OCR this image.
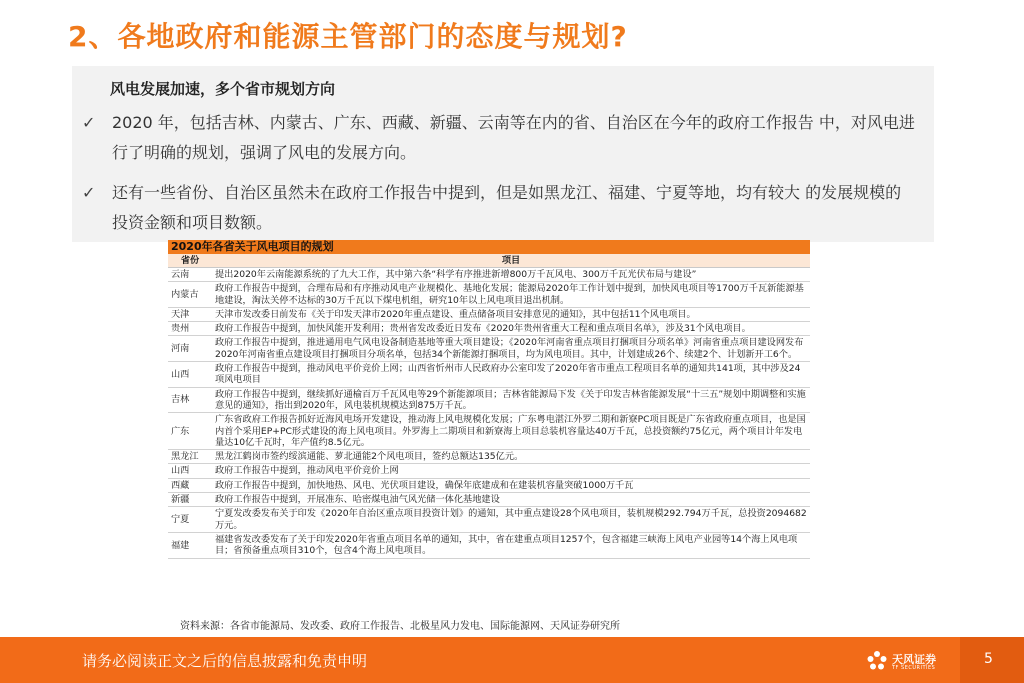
2、各地政府和能源主管部门的态度与规划?
风电发展加速，多个省市规划方向
✓	2020 年，包括吉林、内蒙古、广东、西藏、新疆、云南等在内的省、自治区在今年的政府工作报告 中，对风电进行了明确的规划，强调了风电的发展方向。
✓	还有一些省份、自治区虽然未在政府工作报告中提到，但是如黑龙江、福建、宁夏等地，均有较大 的发展规模的投资金额和项目数额。
2020年各省关于风电项目的规划
省份	项目
云南	提出2020年云南能源系统的了九大工作，其中第六条“科学有序推进新增800万千瓦风电、300万千瓦光伏布局与建设”
内蒙古	政府工作报告中提到，合理布局和有序推动风电产业规模化、基地化发展；能源局2020年工作计划中提到，加快风电项目等1700万千瓦新能源基地建设，淘汰关停不达标的30万千瓦以下煤电机组，研究10年以上风电项目退出机制。
天津	天津市发改委日前发布《关于印发天津市2020年重点建设、重点储备项目安排意见的通知》，其中包括11个风电项目。
贵州	政府工作报告中提到，加快风能开发利用；贵州省发改委近日发布《2020年贵州省重大工程和重点项目名单》，涉及31个风电项目。
河南	政府工作报告中提到，推进通用电气风电设备制造基地等重大项目建设；《2020年河南省重点项目打捆项目分项名单》河南省重点项目建设网发布2020年河南省重点建设项目打捆项目分项名单，包括34个新能源打捆项目，均为风电项目。其中，计划建成26个、续建2个、计划新开工6个。
山西	政府工作报告中提到，推动风电平价竞价上网；山西省忻州市人民政府办公室印发了2020年省市重点工程项目名单的通知共141项，其中涉及24项风电项目
吉林	政府工作报告中提到，继续抓好通榆百万千瓦风电等29个新能源项目；吉林省能源局下发《关于印发吉林省能源发展“十三五”规划中期调整和实施意见的通知》，指出到2020年，风电装机规模达到875万千瓦。
广东	广东省政府工作报告抓好近海风电场开发建设，推动海上风电规模化发展；广东粤电湛江外罗二期和新寮PC项目既是广东省政府重点项目，也是国内首个采用EP+PC形式建设的海上风电项目。外罗海上二期项目和新寮海上项目总装机容量达40万千瓦，总投资额约75亿元，两个项目计年发电量达10亿千瓦时，年产值约8.5亿元。
黑龙江	黑龙江鹤岗市签约绥滨通能、萝北通能2个风电项目，签约总额达135亿元。
山西	政府工作报告中提到，推动风电平价竞价上网
西藏	政府工作报告中提到，加快地热、风电、光伏项目建设，确保年底建成和在建装机容量突破1000万千瓦
新疆	政府工作报告中提到，开展准东、哈密煤电油气风光储一体化基地建设
宁夏	宁夏发改委发布关于印发《2020年自治区重点项目投资计划》的通知，其中重点建设28个风电项目，装机规模292.794万千瓦，总投资2094682万元。
福建	福建省发改委发布了关于印发2020年省重点项目名单的通知，其中，省在建重点项目1257个，包含福建三峡海上风电产业园等14个海上风电项目；省预备重点项目310个，包含4个海上风电项目。
资料来源：各省市能源局、发改委、政府工作报告、北极星风力发电、国际能源网、天风证券研究所
请务必阅读正文之后的信息披露和免责申明	天风证券
TF SECURITIES
5
